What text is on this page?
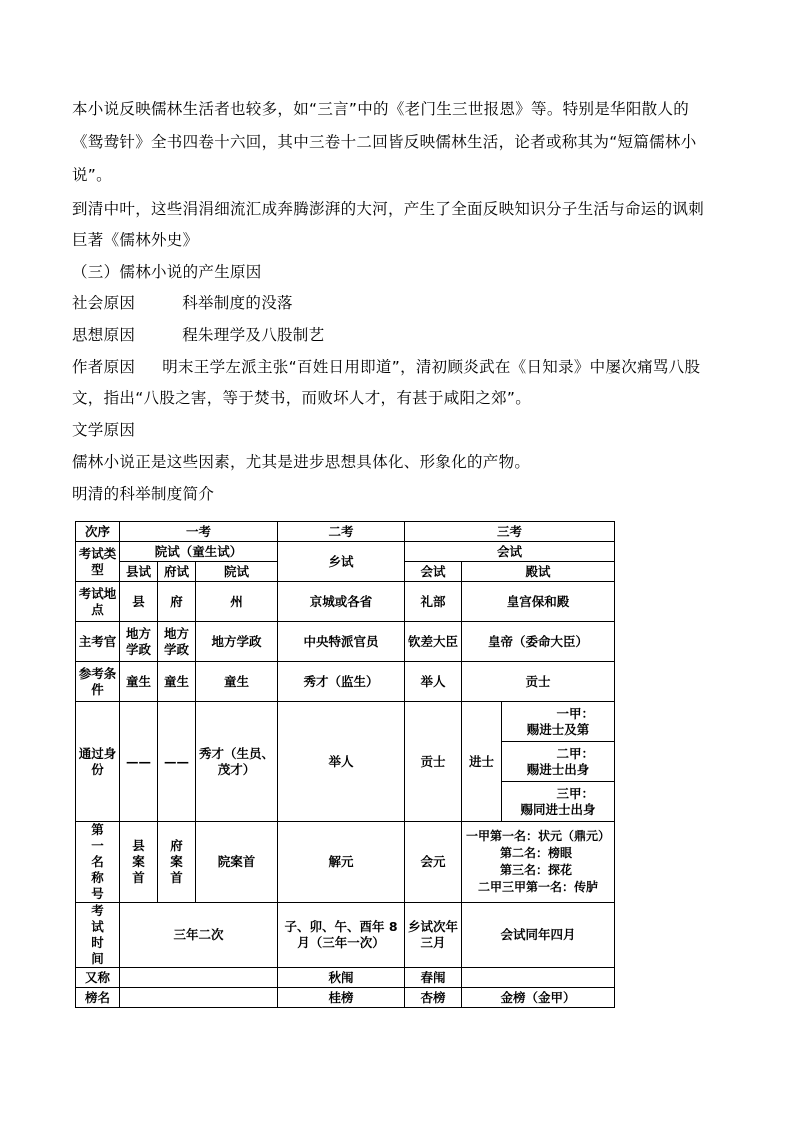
本小说反映儒林生活者也较多，如“三言”中的《老门生三世报恩》等。特别是华阳散人的
《鸳鸯针》全书四卷十六回，其中三卷十二回皆反映儒林生活，论者或称其为“短篇儒林小
说”。
到清中叶，这些涓涓细流汇成奔腾澎湃的大河，产生了全面反映知识分子生活与命运的讽刺
巨著《儒林外史》
（三）儒林小说的产生原因
社会原因	科举制度的没落
思想原因	程朱理学及八股制艺
作者原因 明末王学左派主张“百姓日用即道”，清初顾炎武在《日知录》中屡次痛骂八股
文，指出“八股之害，等于焚书，而败坏人才，有甚于咸阳之郊”。
文学原因
儒林小说正是这些因素，尤其是进步思想具体化、形象化的产物。
明清的科举制度简介
次序	一考			二考	三考		
考试类型	院试（童生试）			乡试	会试		
	县试	府试	院试		会试	殿试	
考试地点	县	府	州	京城或各省	礼部	皇宫保和殿	
主考官	地方学政	地方学政	地方学政	中央特派官员	钦差大臣	皇帝（委命大臣）	
参考条件	童生	童生	童生	秀才（监生）	举人	贡士	
通过身份	——	——	秀才（生员、茂才）	举人	贡士	进士	一甲：
赐进士及第

							二甲：
赐进士出身

							三甲：
赐同进士出身

第一名称号	县案首	府案首	院案首	解元	会元	一甲第一名：状元（鼎元）
第二名：榜眼
第三名：探花
二甲三甲第一名：传胪	

考试时间	三年二次			子、卯、午、酉年 8 月（三年一次）	乡试次年三月	会试同年四月	
又称				秋闱	春闱		
榜名				桂榜	杏榜	金榜（金甲）	
